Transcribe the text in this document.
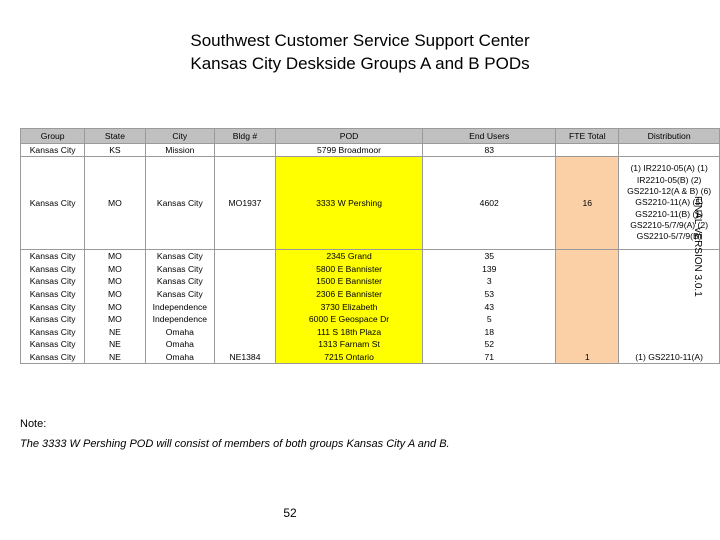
Southwest Customer Service Support Center
Kansas City Deskside Groups A and B PODs
Group	State	City	Bldg #	POD	End Users	FTE Total	Distribution
Kansas City	KS	Mission		5799 Broadmoor	83		
Kansas City	MO	Kansas City	MO1937	3333 W Pershing	4602	16	(1) IR2210-05(A) (1) IR2210-05(B) (2) GS2210-12(A & B) (6) GS2210-11(A) (5) GS2210-11(B) (1) GS2210-5/7/9(A) (2) GS2210-5/7/9(B)
Kansas City	MO	Kansas City		2345 Grand	35		
Kansas City	MO	Kansas City		5800 E Bannister	139		
Kansas City	MO	Kansas City		1500 E Bannister	3		
Kansas City	MO	Kansas City		2306 E Bannister	53		
Kansas City	MO	Independence		3730 Elizabeth	43		
Kansas City	MO	Independence		6000 E Geospace Dr	5		
Kansas City	NE	Omaha		111 S 18th Plaza	18		
Kansas City	NE	Omaha		1313 Farnam St	52		
Kansas City	NE	Omaha	NE1384	7215 Ontario	71	1	(1) GS2210-11(A)
FINAL VERSION 3.0.1
Note:
The 3333 W Pershing POD will consist of members of both groups Kansas City A and B.
52
